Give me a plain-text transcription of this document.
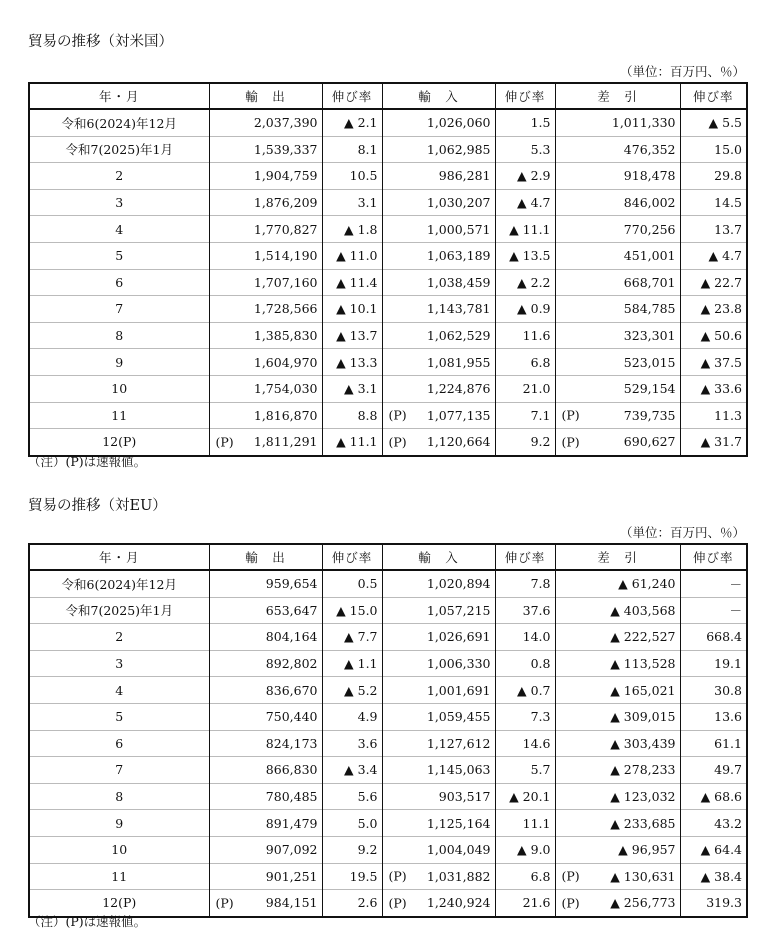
貿易の推移（対米国）
（単位：百万円、％）
年・月	輸　出	伸び率	輸　入	伸び率	差　引	伸び率
令和6(2024)年12月	2,037,390	▲ 2.1	1,026,060	1.5	1,011,330	▲ 5.5
令和7(2025)年1月	1,539,337	8.1	1,062,985	5.3	476,352	15.0
2	1,904,759	10.5	986,281	▲ 2.9	918,478	29.8
3	1,876,209	3.1	1,030,207	▲ 4.7	846,002	14.5
4	1,770,827	▲ 1.8	1,000,571	▲ 11.1	770,256	13.7
5	1,514,190	▲ 11.0	1,063,189	▲ 13.5	451,001	▲ 4.7
6	1,707,160	▲ 11.4	1,038,459	▲ 2.2	668,701	▲ 22.7
7	1,728,566	▲ 10.1	1,143,781	▲ 0.9	584,785	▲ 23.8
8	1,385,830	▲ 13.7	1,062,529	11.6	323,301	▲ 50.6
9	1,604,970	▲ 13.3	1,081,955	6.8	523,015	▲ 37.5
10	1,754,030	▲ 3.1	1,224,876	21.0	529,154	▲ 33.6
11	1,816,870	8.8	(P) 1,077,135	7.1	(P) 739,735	11.3
12(P)	(P) 1,811,291	▲ 11.1	(P) 1,120,664	9.2	(P) 690,627	▲ 31.7
（注）(P)は速報値。
貿易の推移（対EU）
（単位：百万円、％）
年・月	輸　出	伸び率	輸　入	伸び率	差　引	伸び率
令和6(2024)年12月	959,654	0.5	1,020,894	7.8	▲ 61,240	－
令和7(2025)年1月	653,647	▲ 15.0	1,057,215	37.6	▲ 403,568	－
2	804,164	▲ 7.7	1,026,691	14.0	▲ 222,527	668.4
3	892,802	▲ 1.1	1,006,330	0.8	▲ 113,528	19.1
4	836,670	▲ 5.2	1,001,691	▲ 0.7	▲ 165,021	30.8
5	750,440	4.9	1,059,455	7.3	▲ 309,015	13.6
6	824,173	3.6	1,127,612	14.6	▲ 303,439	61.1
7	866,830	▲ 3.4	1,145,063	5.7	▲ 278,233	49.7
8	780,485	5.6	903,517	▲ 20.1	▲ 123,032	▲ 68.6
9	891,479	5.0	1,125,164	11.1	▲ 233,685	43.2
10	907,092	9.2	1,004,049	▲ 9.0	▲ 96,957	▲ 64.4
11	901,251	19.5	(P) 1,031,882	6.8	(P) ▲ 130,631	▲ 38.4
12(P)	(P) 984,151	2.6	(P) 1,240,924	21.6	(P) ▲ 256,773	319.3
（注）(P)は速報値。
